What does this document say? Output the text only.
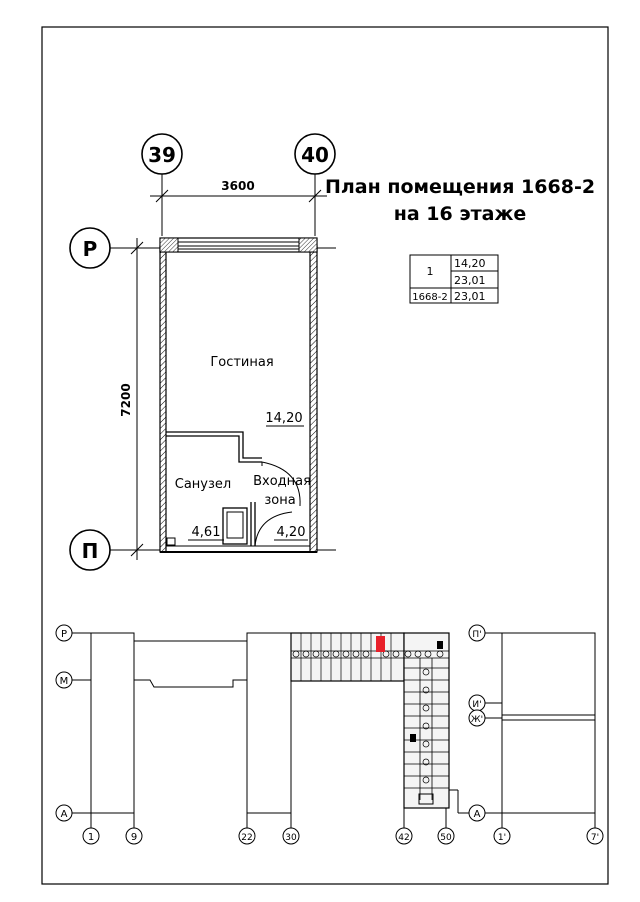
План помещения 1668-2
на 16 этаже
1
14,20
23,01
1668-2 23,01
39	40
Р
П
3600
7200
Гостиная
14,20
Санузел
4,61
Входная
зона
4,20
Р
М
А
1	9	22	30	42	50
П'
И'
Ж'
А
1'	7'
